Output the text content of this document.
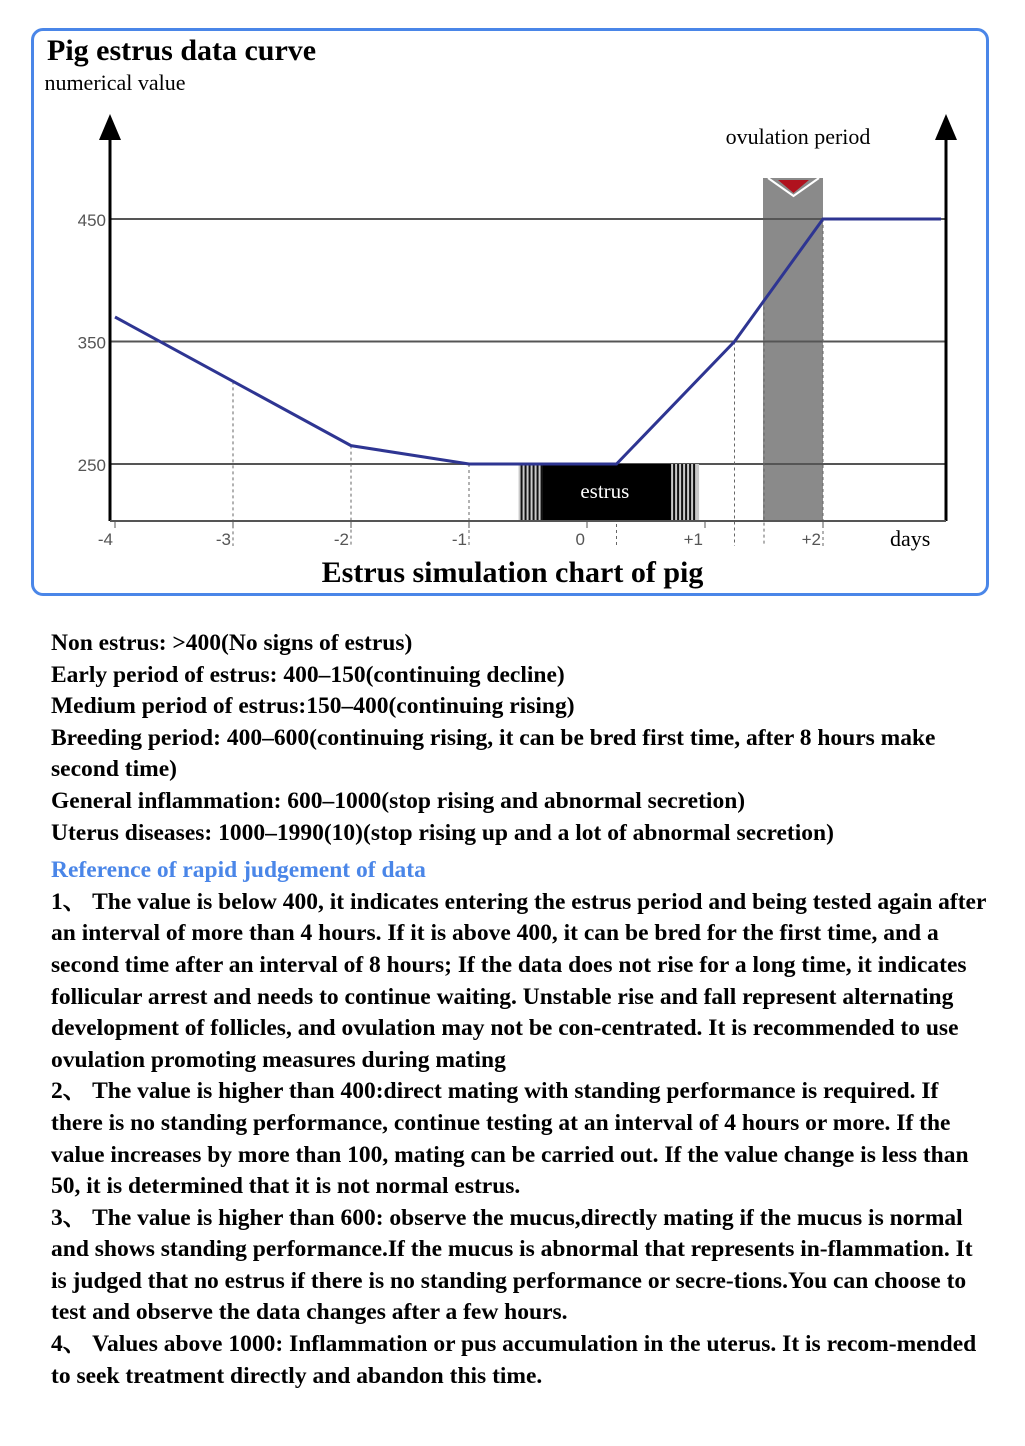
250
350
450
estrus
-4	-3	-2	-1	0	+1	+2
Pig estrus data curve
numerical value
days
ovulation period
Estrus simulation chart of pig

Non estrus: >400(No signs of estrus)

Early period of estrus: 400–150(continuing decline)

Medium period of estrus:150–400(continuing rising)

Breeding period: 400–600(continuing rising, it can be bred first time, after 8 hours make second time)

General inflammation: 600–1000(stop rising and abnormal secretion)

Uterus diseases: 1000–1990(10)(stop rising up and a lot of abnormal secretion)

Reference of rapid judgement of data

1、 The value is below 400, it indicates entering the estrus period and being tested again after an interval of more than 4 hours. If it is above 400, it can be bred for the first time, and a second time after an interval of 8 hours; If the data does not rise for a long time, it indicates follicular arrest and needs to continue waiting. Unstable rise and fall represent alternating development of follicles, and ovulation may not be con-centrated. It is recommended to use ovulation promoting measures during mating

2、 The value is higher than 400:direct mating with standing performance is required. If there is no standing performance, continue testing at an interval of 4 hours or more. If the value increases by more than 100, mating can be carried out. If the value change is less than 50, it is determined that it is not normal estrus.

3、 The value is higher than 600: observe the mucus,directly mating if the mucus is normal and shows standing performance.If the mucus is abnormal that represents in-flammation. It is judged that no estrus if there is no standing performance or secre-tions.You can choose to test and observe the data changes after a few hours.

4、 Values above 1000: Inflammation or pus accumulation in the uterus. It is recom-mended to seek treatment directly and abandon this time.
